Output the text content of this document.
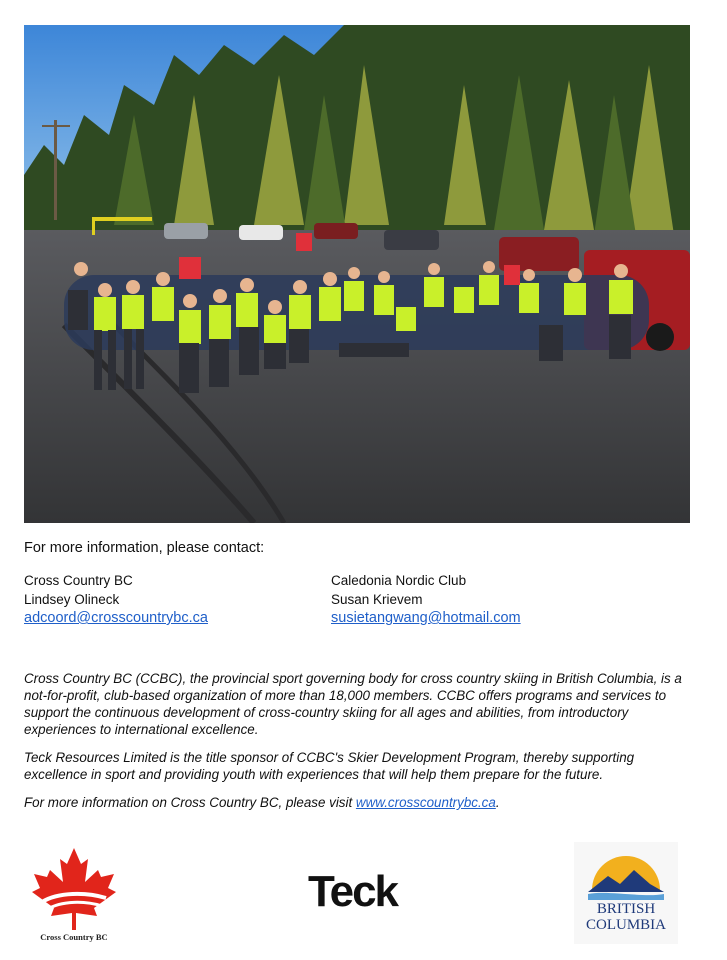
For more information, please contact:
Cross Country BC
Lindsey Olineck
adcoord@crosscountrybc.ca
Caledonia Nordic Club
Susan Krievem
susietangwang@hotmail.com

Cross Country BC (CCBC), the provincial sport governing body for cross country skiing in British Columbia, is a not-for-profit, club-based organization of more than 18,000 members. CCBC offers programs and services to support the continuous development of cross-country skiing for all ages and abilities, from introductory experiences to international excellence.

Teck Resources Limited is the title sponsor of CCBC's Skier Development Program, thereby supporting excellence in sport and providing youth with experiences that will help them prepare for the future.

For more information on Cross Country BC, please visit www.crosscountrybc.ca.

Cross Country BC
Teck	BRITISH
COLUMBIA
